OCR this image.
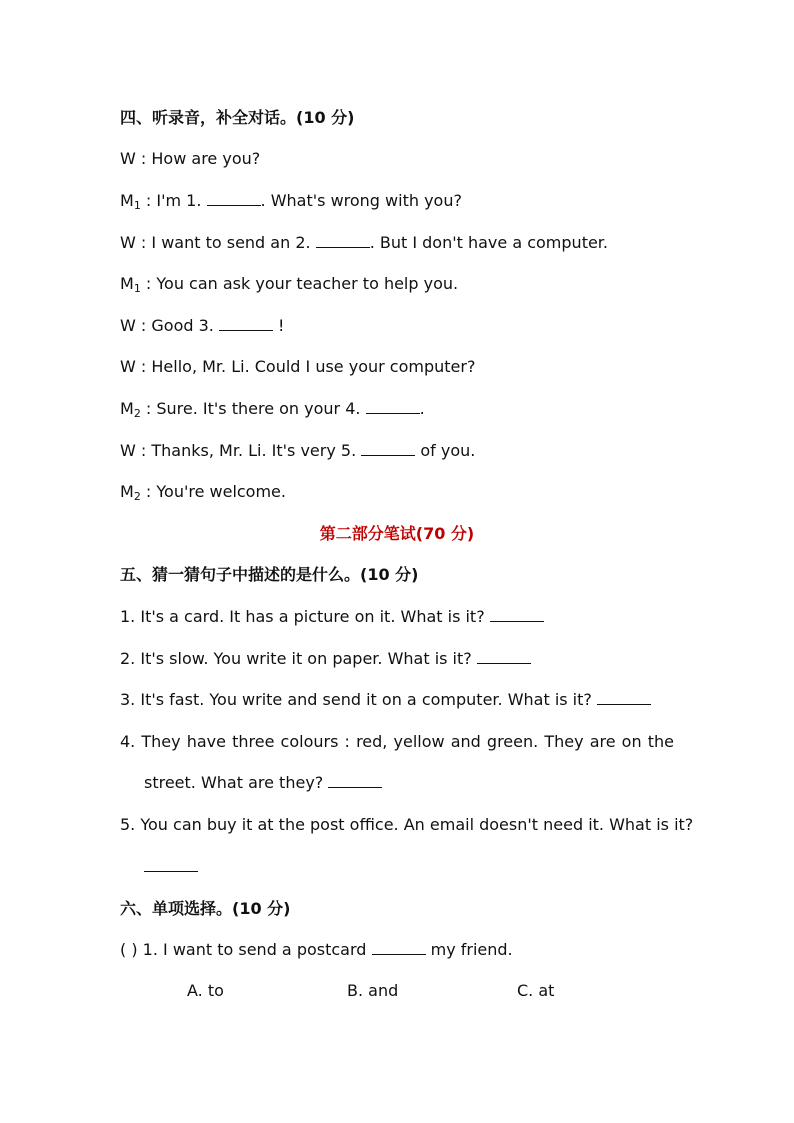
四、听录音，补全对话。(10 分)
W : How are you?
$M_1$ : I'm 1.	. What's wrong with you?
W : I want to send an 2.	. But I don't have a computer.
$M_1$ : You can ask your teacher to help you.
W : Good 3.	!
W : Hello, Mr. Li. Could I use your computer?
$M_2$ : Sure. It's there on your 4.	.
W : Thanks, Mr. Li. It's very 5.	of you.
$M_2$ : You're welcome.
第二部分笔试(70 分)
五、猜一猜句子中描述的是什么。(10 分)
1. It's a card. It has a picture on it. What is it?
2. It's slow. You write it on paper. What is it?
3. It's fast. You write and send it on a computer. What is it?
4. They have three colours : red, yellow and green. They are on the
street. What are they?
5. You can buy it at the post office. An email doesn't need it. What is it?
六、单项选择。(10 分)
( ) 1. I want to send a postcard	my friend.
A. to	B. and	C. at
